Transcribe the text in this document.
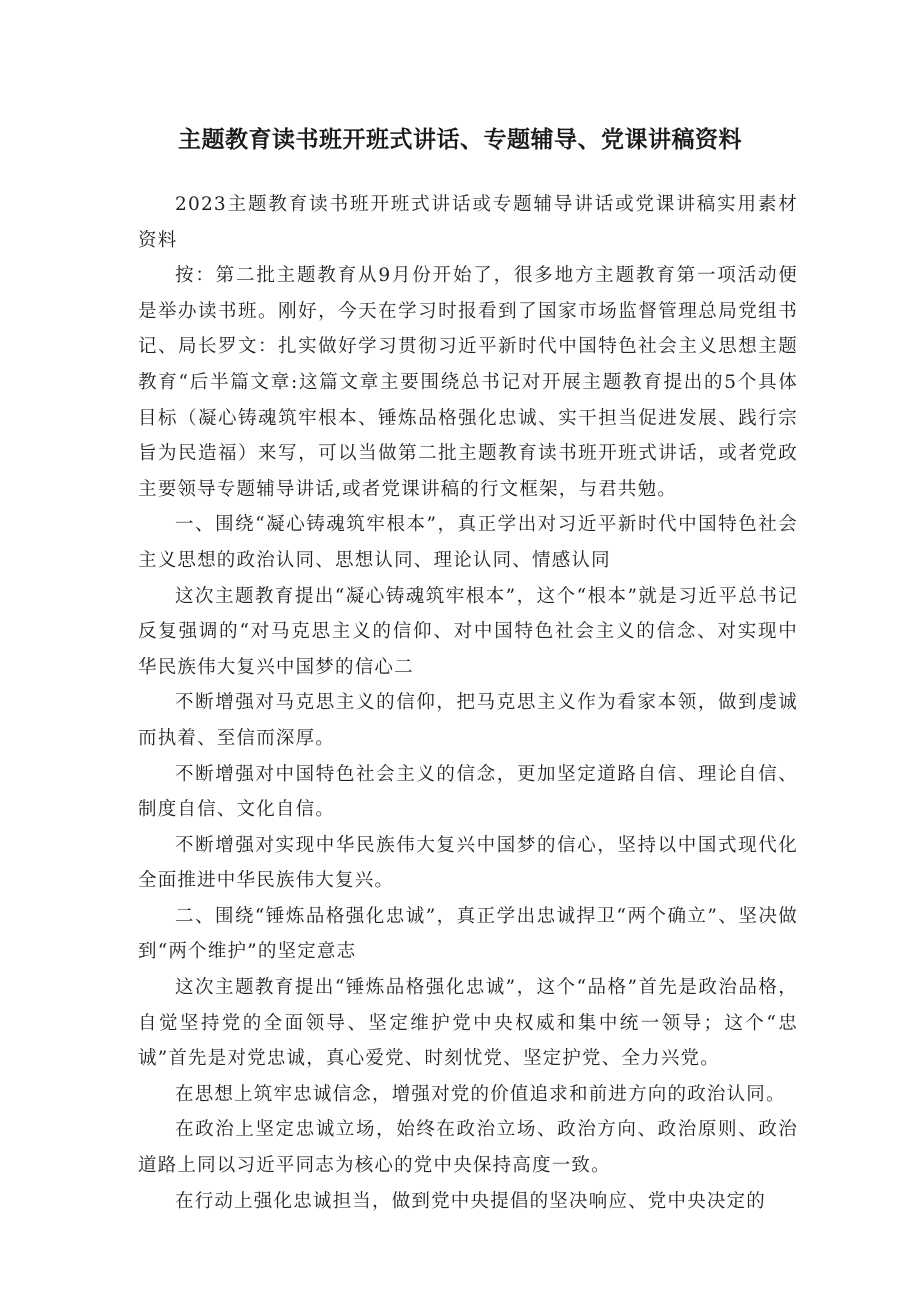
主题教育读书班开班式讲话、专题辅导、党课讲稿资料

2023主题教育读书班开班式讲话或专题辅导讲话或党课讲稿实用素材资料

按：第二批主题教育从9月份开始了，很多地方主题教育第一项活动便是举办读书班。刚好，今天在学习时报看到了国家市场监督管理总局党组书记、局长罗文：扎实做好学习贯彻习近平新时代中国特色社会主义思想主题教育“后半篇文章:这篇文章主要围绕总书记对开展主题教育提出的5个具体目标（凝心铸魂筑牢根本、锤炼品格强化忠诚、实干担当促进发展、践行宗旨为民造福）来写，可以当做第二批主题教育读书班开班式讲话，或者党政主要领导专题辅导讲话,或者党课讲稿的行文框架，与君共勉。

一、围绕“凝心铸魂筑牢根本”，真正学出对习近平新时代中国特色社会主义思想的政治认同、思想认同、理论认同、情感认同

这次主题教育提出“凝心铸魂筑牢根本”，这个“根本”就是习近平总书记反复强调的“对马克思主义的信仰、对中国特色社会主义的信念、对实现中华民族伟大复兴中国梦的信心二

不断增强对马克思主义的信仰，把马克思主义作为看家本领，做到虔诚而执着、至信而深厚。

不断增强对中国特色社会主义的信念，更加坚定道路自信、理论自信、制度自信、文化自信。

不断增强对实现中华民族伟大复兴中国梦的信心，坚持以中国式现代化全面推进中华民族伟大复兴。

二、围绕“锤炼品格强化忠诚”，真正学出忠诚捍卫“两个确立”、坚决做到“两个维护”的坚定意志

这次主题教育提出“锤炼品格强化忠诚”，这个“品格”首先是政治品格，自觉坚持党的全面领导、坚定维护党中央权威和集中统一领导；这个“忠诚”首先是对党忠诚，真心爱党、时刻忧党、坚定护党、全力兴党。

在思想上筑牢忠诚信念，增强对党的价值追求和前进方向的政治认同。

在政治上坚定忠诚立场，始终在政治立场、政治方向、政治原则、政治道路上同以习近平同志为核心的党中央保持高度一致。

在行动上强化忠诚担当，做到党中央提倡的坚决响应、党中央决定的
